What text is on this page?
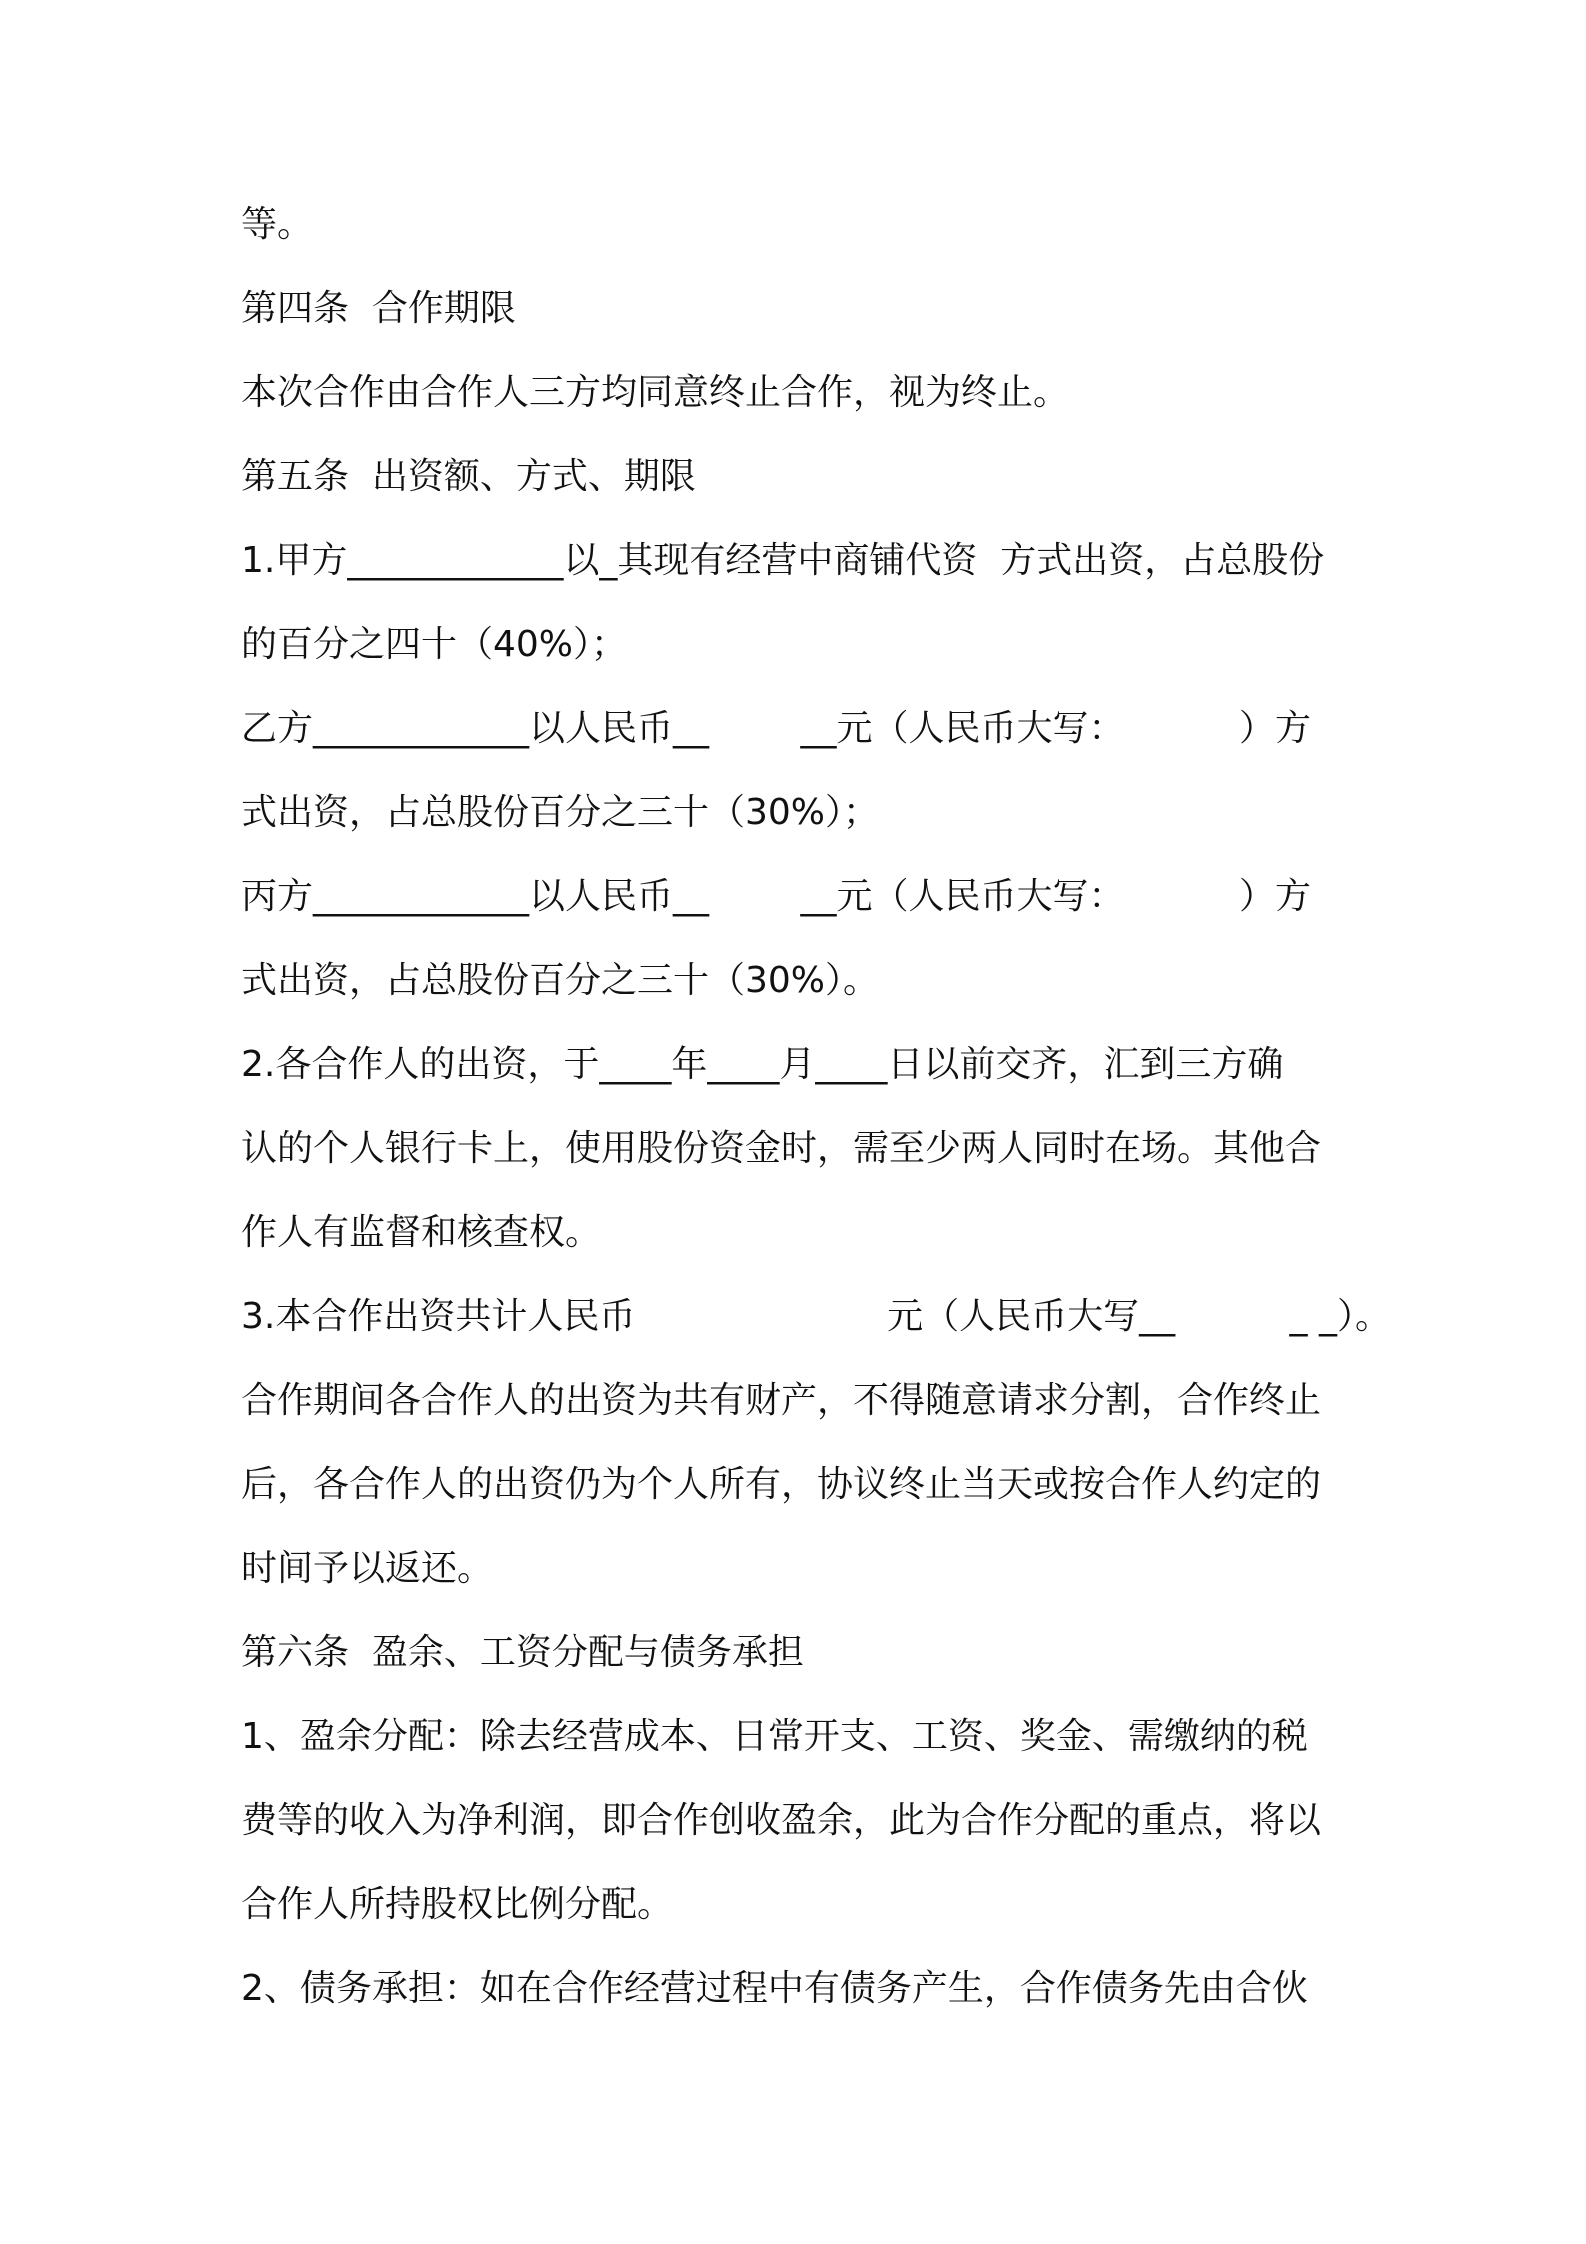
等。
第四条  合作期限
本次合作由合作人三方均同意终止合作，视为终止。
第五条  出资额、方式、期限
1.甲方____________以_其现有经营中商铺代资  方式出资，占总股份
的百分之四十（40%）；
乙方____________以人民币__        __元（人民币大写：          ）方
式出资，占总股份百分之三十（30%）；
丙方____________以人民币__        __元（人民币大写：          ）方
式出资，占总股份百分之三十（30%）。
2.各合作人的出资，于____年____月____日以前交齐，汇到三方确
认的个人银行卡上，使用股份资金时，需至少两人同时在场。其他合
作人有监督和核查权。
3.本合作出资共计人民币                      元（人民币大写__          _ _）。
合作期间各合作人的出资为共有财产，不得随意请求分割，合作终止
后，各合作人的出资仍为个人所有，协议终止当天或按合作人约定的
时间予以返还。
第六条  盈余、工资分配与债务承担
1、盈余分配：除去经营成本、日常开支、工资、奖金、需缴纳的税
费等的收入为净利润，即合作创收盈余，此为合作分配的重点，将以
合作人所持股权比例分配。
2、债务承担：如在合作经营过程中有债务产生，合作债务先由合伙
